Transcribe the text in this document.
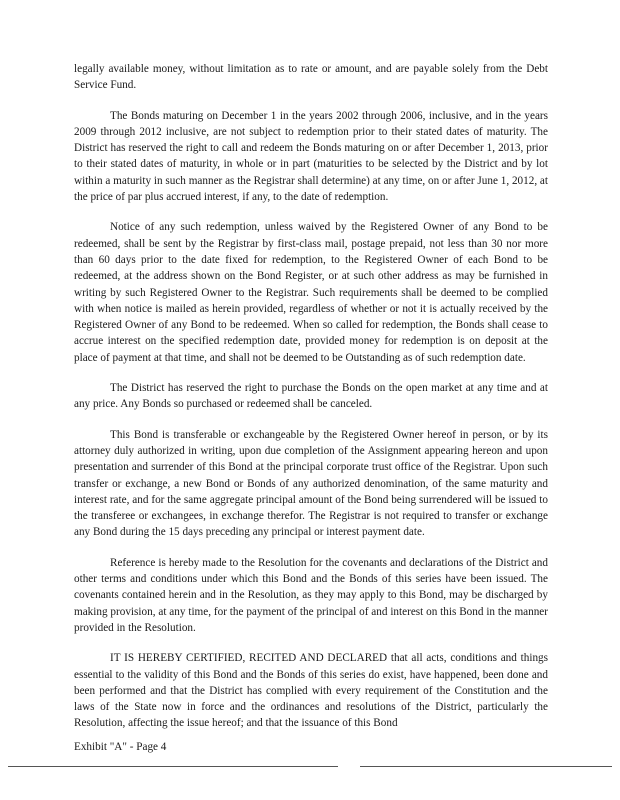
legally available money, without limitation as to rate or amount, and are payable solely from the Debt Service Fund.

The Bonds maturing on December 1 in the years 2002 through 2006, inclusive, and in the years 2009 through 2012 inclusive, are not subject to redemption prior to their stated dates of maturity. The District has reserved the right to call and redeem the Bonds maturing on or after December 1, 2013, prior to their stated dates of maturity, in whole or in part (maturities to be selected by the District and by lot within a maturity in such manner as the Registrar shall determine) at any time, on or after June 1, 2012, at the price of par plus accrued interest, if any, to the date of redemption.

Notice of any such redemption, unless waived by the Registered Owner of any Bond to be redeemed, shall be sent by the Registrar by first-class mail, postage prepaid, not less than 30 nor more than 60 days prior to the date fixed for redemption, to the Registered Owner of each Bond to be redeemed, at the address shown on the Bond Register, or at such other address as may be furnished in writing by such Registered Owner to the Registrar. Such requirements shall be deemed to be complied with when notice is mailed as herein provided, regardless of whether or not it is actually received by the Registered Owner of any Bond to be redeemed. When so called for redemption, the Bonds shall cease to accrue interest on the specified redemption date, provided money for redemption is on deposit at the place of payment at that time, and shall not be deemed to be Outstanding as of such redemption date.

The District has reserved the right to purchase the Bonds on the open market at any time and at any price. Any Bonds so purchased or redeemed shall be canceled.

This Bond is transferable or exchangeable by the Registered Owner hereof in person, or by its attorney duly authorized in writing, upon due completion of the Assignment appearing hereon and upon presentation and surrender of this Bond at the principal corporate trust office of the Registrar. Upon such transfer or exchange, a new Bond or Bonds of any authorized denomination, of the same maturity and interest rate, and for the same aggregate principal amount of the Bond being surrendered will be issued to the transferee or exchangees, in exchange therefor. The Registrar is not required to transfer or exchange any Bond during the 15 days preceding any principal or interest payment date.

Reference is hereby made to the Resolution for the covenants and declarations of the District and other terms and conditions under which this Bond and the Bonds of this series have been issued. The covenants contained herein and in the Resolution, as they may apply to this Bond, may be discharged by making provision, at any time, for the payment of the principal of and interest on this Bond in the manner provided in the Resolution.

IT IS HEREBY CERTIFIED, RECITED AND DECLARED that all acts, conditions and things essential to the validity of this Bond and the Bonds of this series do exist, have happened, been done and been performed and that the District has complied with every requirement of the Constitution and the laws of the State now in force and the ordinances and resolutions of the District, particularly the Resolution, affecting the issue hereof; and that the issuance of this Bond

Exhibit "A" - Page 4
